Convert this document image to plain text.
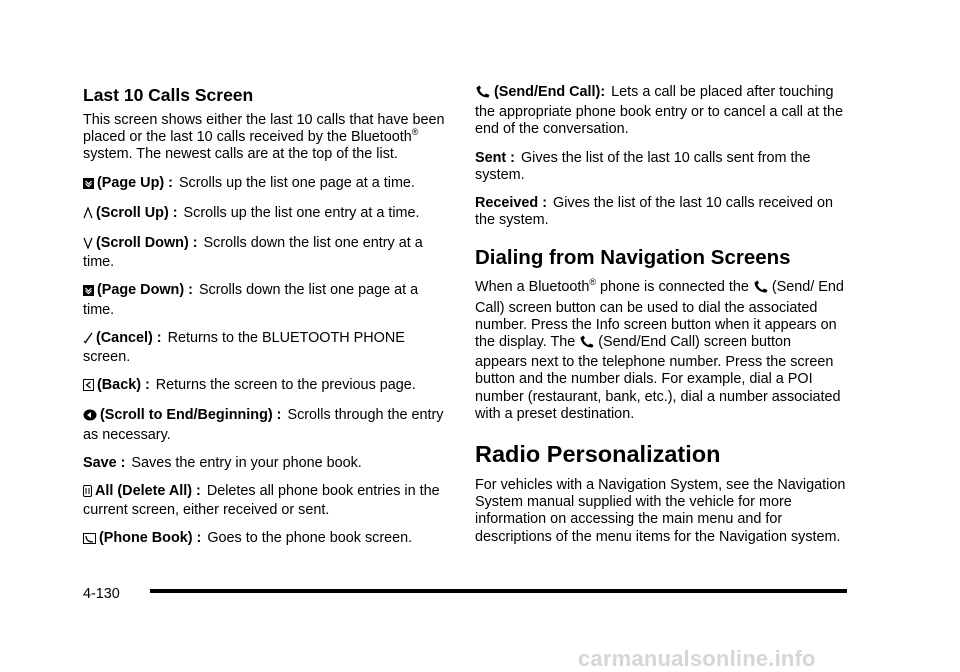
Last 10 Calls Screen

This screen shows either the last 10 calls that have been placed or the last 10 calls received by the Bluetooth® system. The newest calls are at the top of the list.

(Page Up) : Scrolls up the list one page at a time.

(Scroll Up) : Scrolls up the list one entry at a time.

(Scroll Down) : Scrolls down the list one entry at a time.

(Page Down) : Scrolls down the list one page at a time.

(Cancel) : Returns to the BLUETOOTH PHONE screen.

(Back) : Returns the screen to the previous page.

(Scroll to End/Beginning) : Scrolls through the entry as necessary.

Save : Saves the entry in your phone book.

All (Delete All) : Deletes all phone book entries in the current screen, either received or sent.

(Phone Book) : Goes to the phone book screen.

(Send/End Call): Lets a call be placed after touching the appropriate phone book entry or to cancel a call at the end of the conversation.

Sent : Gives the list of the last 10 calls sent from the system.

Received : Gives the list of the last 10 calls received on the system.

Dialing from Navigation Screens

When a Bluetooth® phone is connected the (Send/ End Call) screen button can be used to dial the associated number. Press the Info screen button when it appears on the display. The (Send/End Call) screen button appears next to the telephone number. Press the screen button and the number dials. For example, dial a POI number (restaurant, bank, etc.), dial a number associated with a preset destination.

Radio Personalization

For vehicles with a Navigation System, see the Navigation System manual supplied with the vehicle for more information on accessing the main menu and for descriptions of the menu items for the Navigation system.

4-130
carmanualsonline.info
